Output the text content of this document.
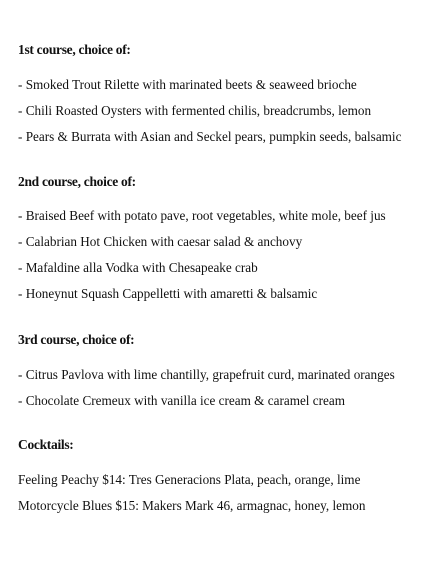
1st course, choice of:

- Smoked Trout Rilette with marinated beets & seaweed brioche

- Chili Roasted Oysters with fermented chilis, breadcrumbs, lemon

- Pears & Burrata with Asian and Seckel pears, pumpkin seeds, balsamic

2nd course, choice of:

- Braised Beef with potato pave, root vegetables, white mole, beef jus

- Calabrian Hot Chicken with caesar salad & anchovy

- Mafaldine alla Vodka with Chesapeake crab

- Honeynut Squash Cappelletti with amaretti & balsamic

3rd course, choice of:

- Citrus Pavlova with lime chantilly, grapefruit curd, marinated oranges

- Chocolate Cremeux with vanilla ice cream & caramel cream

Cocktails:

Feeling Peachy $14: Tres Generacions Plata, peach, orange, lime

Motorcycle Blues $15: Makers Mark 46, armagnac, honey, lemon
